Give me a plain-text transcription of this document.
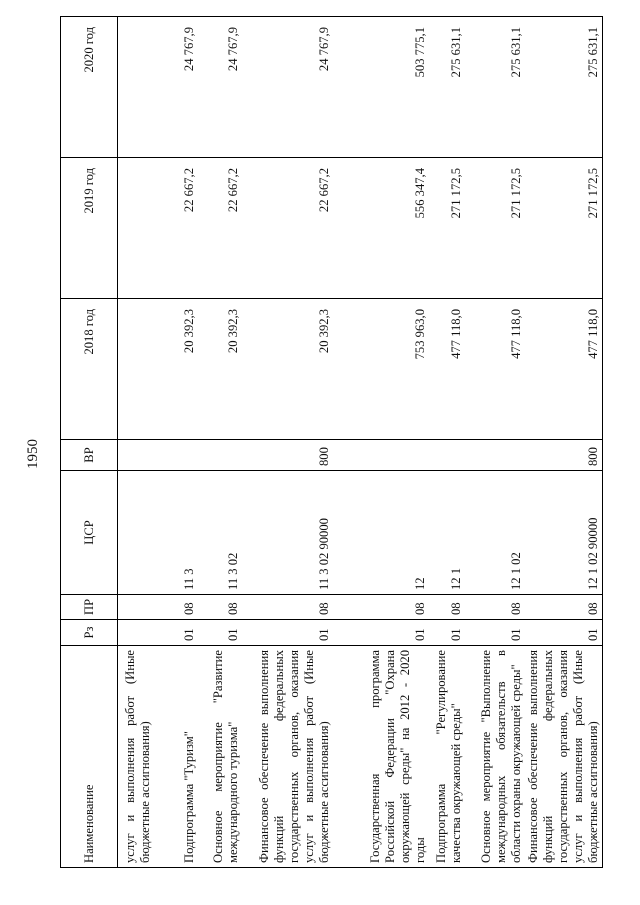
1950
Наименование	Рз	ПР	ЦСР	ВР	2018 год	2019 год	2020 год
услуг и выполнения работ (Иные бюджетные ассигнования)							
Подпрограмма "Туризм"	01	08	11 3		20 392,3	22 667,2	24 767,9
Основное мероприятие "Развитие международного туризма"	01	08	11 3 02		20 392,3	22 667,2	24 767,9
Финансовое обеспечение выполнения функций федеральных государственных органов, оказания услуг и выполнения работ (Иные бюджетные ассигнования)	01	08	11 3 02 90000	800	20 392,3	22 667,2	24 767,9
Государственная программа Российской Федерации "Охрана окружающей среды" на 2012 - 2020 годы	01	08	12		753 963,0	556 347,4	503 775,1
Подпрограмма "Регулирование качества окружающей среды"	01	08	12 1		477 118,0	271 172,5	275 631,1
Основное мероприятие "Выполнение международных обязательств в области охраны окружающей среды"	01	08	12 1 02		477 118,0	271 172,5	275 631,1
Финансовое обеспечение выполнения функций федеральных государственных органов, оказания услуг и выполнения работ (Иные бюджетные ассигнования)	01	08	12 1 02 90000	800	477 118,0	271 172,5	275 631,1
